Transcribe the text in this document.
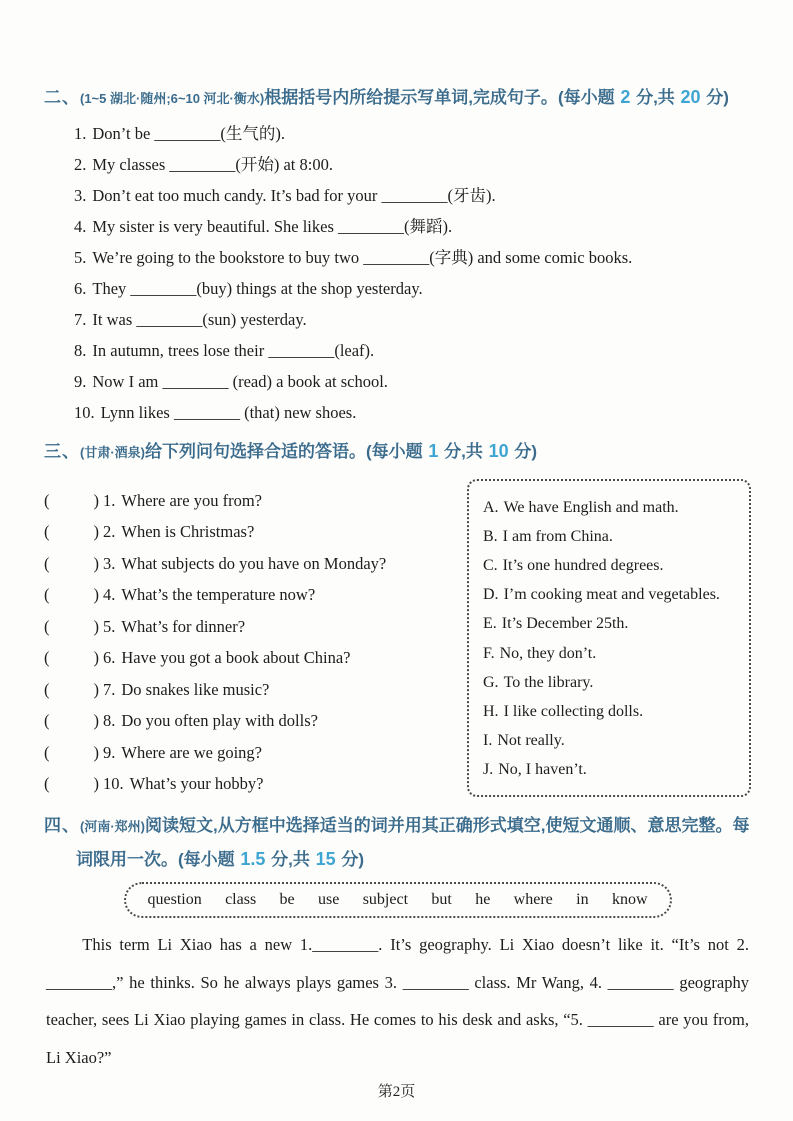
二、(1~5 湖北·随州;6~10 河北·衡水)根据括号内所给提示写单词,完成句子。(每小题 2 分,共 20 分)
1. Don’t be ________(生气的).
2. My classes ________(开始) at 8:00.
3. Don’t eat too much candy. It’s bad for your ________(牙齿).
4. My sister is very beautiful. She likes ________(舞蹈).
5. We’re going to the bookstore to buy two ________(字典) and some comic books.
6. They ________(buy) things at the shop yesterday.
7. It was ________(sun) yesterday.
8. In autumn, trees lose their ________(leaf).
9. Now I am ________ (read) a book at school.
10. Lynn likes ________ (that) new shoes.
三、(甘肃·酒泉)给下列问句选择合适的答语。(每小题 1 分,共 10 分)
(	) 1. Where are you from?
(	) 2. When is Christmas?
(	) 3. What subjects do you have on Monday?
(	) 4. What’s the temperature now?
(	) 5. What’s for dinner?
(	) 6. Have you got a book about China?
(	) 7. Do snakes like music?
(	) 8. Do you often play with dolls?
(	) 9. Where are we going?
(	) 10. What’s your hobby?
A. We have English and math.
B. I am from China.
C. It’s one hundred degrees.
D. I’m cooking meat and vegetables.
E. It’s December 25th.
F. No, they don’t.
G. To the library.
H. I like collecting dolls.
I. Not really.
J. No, I haven’t.
四、(河南·郑州)阅读短文,从方框中选择适当的词并用其正确形式填空,使短文通顺、意思完整。每词限用一次。(每小题 1.5 分,共 15 分)
question class be use subject but he where in know

This term Li Xiao has a new 1.________. It’s geography. Li Xiao doesn’t like it. “It’s not 2. ________,” he thinks. So he always plays games 3. ________ class. Mr Wang, 4. ________ geography teacher, sees Li Xiao playing games in class. He comes to his desk and asks, “5. ________ are you from, Li Xiao?”

第2页
